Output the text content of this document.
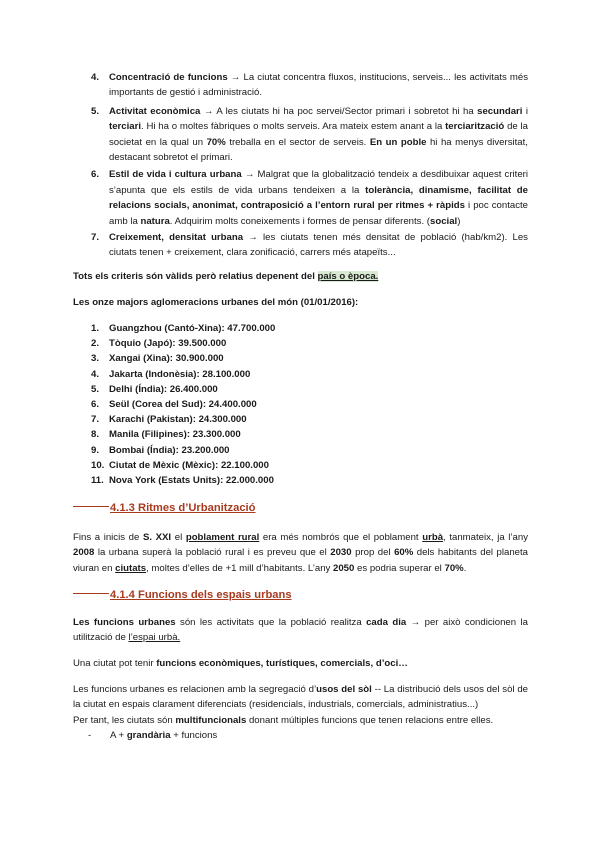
4.	Concentració de funcions → La ciutat concentra fluxos, institucions, serveis... les activitats més importants de gestió i administració.
5.	Activitat econòmica → A les ciutats hi ha poc servei/Sector primari i sobretot hi ha secundari i terciari. Hi ha o moltes fàbriques o molts serveis. Ara mateix estem anant a la terciarització de la societat en la qual un 70% treballa en el sector de serveis. En un poble hi ha menys diversitat, destacant sobretot el primari.
6.	Estil de vida i cultura urbana → Malgrat que la globalització tendeix a desdibuixar aquest criteri s’apunta que els estils de vida urbans tendeixen a la tolerància, dinamisme, facilitat de relacions socials, anonimat, contraposició a l’entorn rural per ritmes + ràpids i poc contacte amb la natura. Adquirim molts coneixements i formes de pensar diferents. (social)
7.	Creixement, densitat urbana → les ciutats tenen més densitat de població (hab/km2). Les ciutats tenen + creixement, clara zonificació, carrers més atapeïts...
Tots els criteris són vàlids però relatius depenent del país o època.
Les onze majors aglomeracions urbanes del món (01/01/2016):
1.	Guangzhou (Cantó-Xina): 47.700.000
2.	Tòquio (Japó): 39.500.000
3.	Xangai (Xina): 30.900.000
4.	Jakarta (Indonèsia): 28.100.000
5.	Delhi (Índia): 26.400.000
6.	Seül (Corea del Sud): 24.400.000
7.	Karachi (Pakistan): 24.300.000
8.	Manila (Filipines): 23.300.000
9.	Bombai (Índia): 23.200.000
10. Ciutat de Mèxic (Mèxic): 22.100.000
11. Nova York (Estats Units): 22.000.000
4.1.3 Ritmes d’Urbanització
Fins a inicis de S. XXI el poblament rural era més nombrós que el poblament urbà, tanmateix, ja l’any 2008 la urbana superà la població rural i es preveu que el 2030 prop del 60% dels habitants del planeta viuran en ciutats, moltes d’elles de +1 mill d’habitants. L’any 2050 es podria superar el 70%.
4.1.4 Funcions dels espais urbans
Les funcions urbanes són les activitats que la població realitza cada dia → per això condicionen la utilització de l’espai urbà.
Una ciutat pot tenir funcions econòmiques, turístiques, comercials, d’oci…
Les funcions urbanes es relacionen amb la segregació d’usos del sòl -- La distribució dels usos del sòl de la ciutat en espais clarament diferenciats (residencials, industrials, comercials, administratius...)
Per tant, les ciutats són multifuncionals donant múltiples funcions que tenen relacions entre elles.
-	A + grandària + funcions
